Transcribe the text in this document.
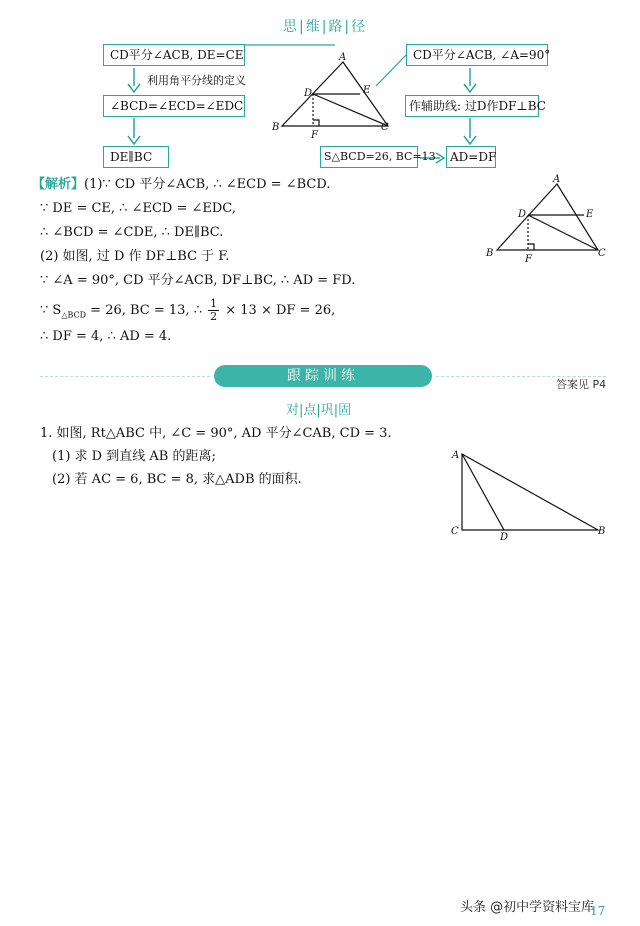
思|维|路|径
CD平分∠ACB, DE=CE	A
B	C
D	E
F
利用角平分线的定义
∠BCD=∠ECD=∠EDC
DE∥BC
CD平分∠ACB, ∠A=90°
作辅助线: 过D作DF⊥BC
S△BCD=26, BC=13	AD=DF
【解析】(1)∵ CD 平分∠ACB, ∴ ∠ECD = ∠BCD.
∵ DE = CE, ∴ ∠ECD = ∠EDC,
∴ ∠BCD = ∠CDE, ∴ DE∥BC.
(2) 如图, 过 D 作 DF⊥BC 于 F.
∵ ∠A = 90°, CD 平分∠ACB, DF⊥BC, ∴ AD = FD.
∵ $S_{\triangle BCD} = 26$, BC = 13, ∴ $\frac{1}{2} \times 13$ × DF = 26,
∴ DF = 4, ∴ AD = 4.
A
B	C
D	E
F
跟踪训练
答案见 P4
对|点|巩|固
1. 如图, Rt△ABC 中, ∠C = 90°, AD 平分∠CAB, CD = 3.
(1) 求 D 到直线 AB 的距离;
(2) 若 AC = 6, BC = 8, 求△ADB 的面积.
A
C
D
B
头条 @初中学资料宝库
17
